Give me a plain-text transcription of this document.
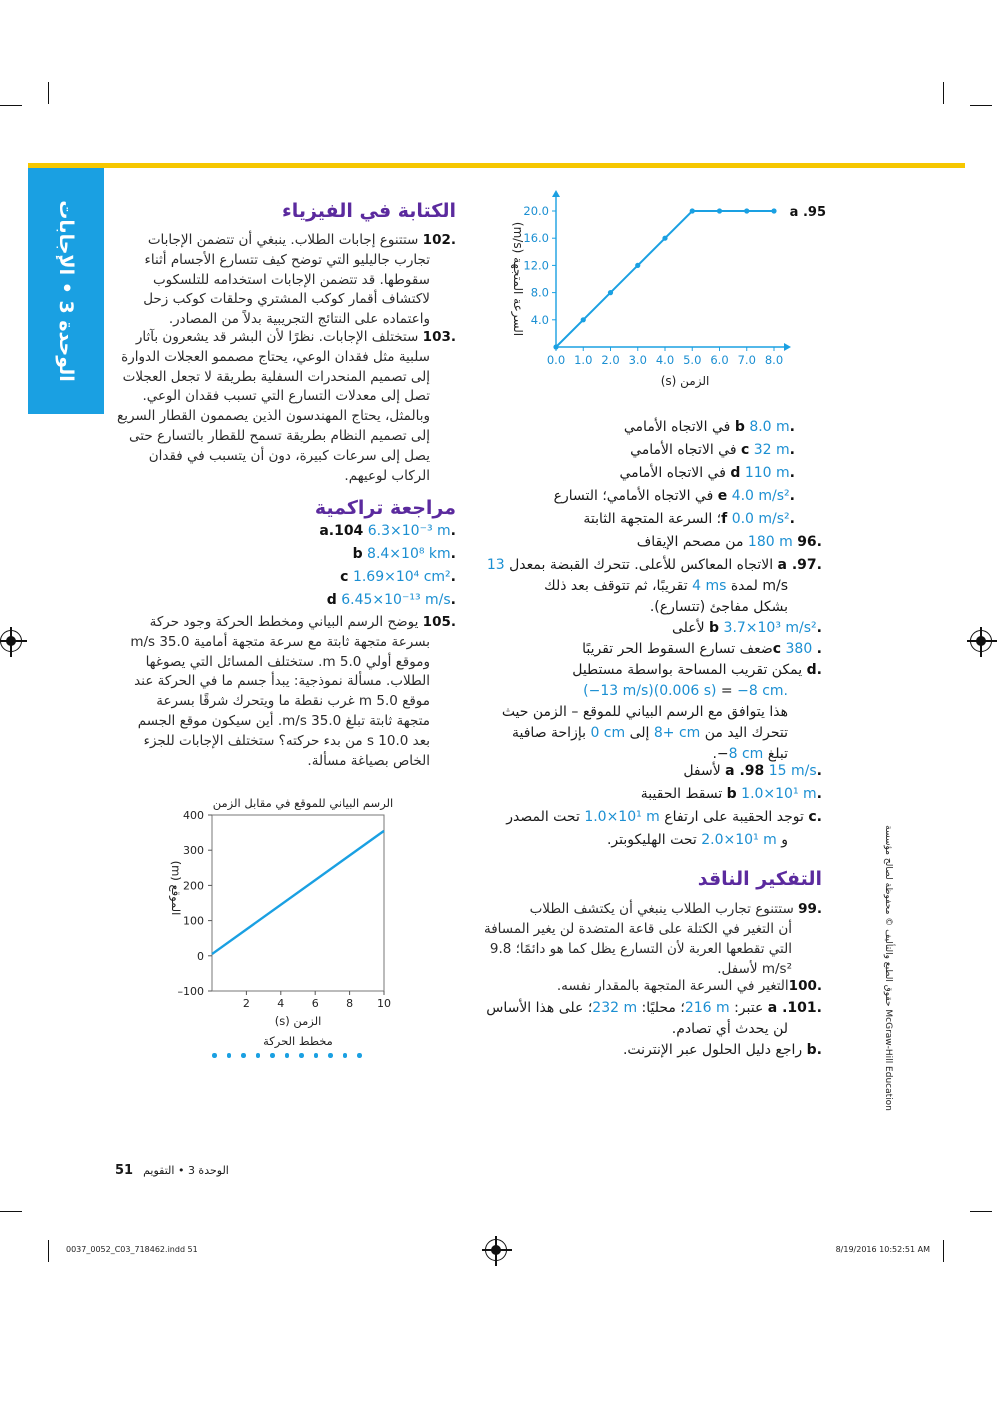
الوحدة 3 • الإجابات
الكتابة في الفيزياء
.102 ستتنوع إجابات الطلاب. ينبغي أن تتضمن الإجابات
تجارب جاليليو التي توضح كيف تتسارع الأجسام أثناء
سقوطها. قد تتضمن الإجابات استخدامه للتلسكوب
لاكتشاف أقمار كوكب المشتري وحلقات كوكب زحل
واعتماده على النتائج التجريبية بدلاً من المصادر.
.103 ستختلف الإجابات. نظرًا لأن البشر قد يشعرون بآثار
سلبية مثل فقدان الوعي، يحتاج مصممو العجلات الدوارة
إلى تصميم المنحدرات السفلية بطريقة لا تجعل العجلات
تصل إلى معدلات التسارع التي تسبب فقدان الوعي.
وبالمثل، يحتاج المهندسون الذين يصممون القطار السريع
إلى تصميم النظام بطريقة تسمح للقطار بالتسارع حتى
يصل إلى سرعات كبيرة، دون أن يتسبب في فقدان
الركاب لوعيهم.
مراجعة تراكمية
.a.104 6.3×10⁻³ m
.b 8.4×10⁸ km
.c 1.69×10⁴ cm²
.d 6.45×10⁻¹³ m/s
.105 يوضح الرسم البياني ومخطط الحركة وجود حركة
بسرعة متجهة ثابتة مع سرعة متجهة أمامية 35.0 m/s
وموقع أولي 5.0 m. ستختلف المسائل التي يصوغها
الطلاب. مسألة نموذجية: يبدأ جسم ما في الحركة عند
موقع 5.0 m غرب نقطة ما ويتحرك شرقًا بسرعة
متجهة ثابتة تبلغ 35.0 m/s. أين سيكون موقع الجسم
بعد 10.0 s من بدء حركته؟ ستختلف الإجابات للجزء
الخاص بصياغة مسألة.
الرسم البياني للموقع في مقابل الزمن
–100
0
100
200
300
400
2 4 6 8 10
الزمن (s)
الموقع (m)
مخطط الحركة
0.0 1.0 2.0 3.0 4.0 5.0 6.0 7.0 8.0
4.0
8.0
12.0
16.0
20.0
الزمن (s)
السرعة المتجهة (m/s)
a .95
.b 8.0 m في الاتجاه الأمامي
.c 32 m في الاتجاه الأمامي
.d 110 m في الاتجاه الأمامي
.e 4.0 m/s² في الاتجاه الأمامي؛ التسارع
.f 0.0 m/s²؛ السرعة المتجهة الثابتة
.96 180 m من مصحم الإيقاف
.a .97 الاتجاه المعاكس للأعلى. تتحرك القبضة بمعدل 13
m/s لمدة 4 ms تقريبًا، ثم تتوقف بعد ذلك
بشكل مفاجئ (تتسارع).
.b 3.7×10³ m/s² لأعلى
.c 380 ضعف تسارع السقوط الحر تقريبًا
.d يمكن تقريب المساحة بواسطة مستطيل
(−13 m/s)(0.006 s) = −8 cm.
هذا يتوافق مع الرسم البياني للموقع – الزمن حيث
تتحرك اليد من 8+ cm إلى 0 cm بإزاحة صافية
تبلغ 8 cm−.
.a .98 15 m/s لأسفل
.b 1.0×10¹ m تسقط الحقيبة
.c توجد الحقيبة على ارتفاع 1.0×10¹ m تحت المصدر
و 2.0×10¹ m تحت الهليكوبتر.
التفكير الناقد
.99 ستتنوع تجارب الطلاب ينبغي أن يكتشف الطلاب
أن التغير في الكتلة على قاعة المتضدة لن يغير المسافة
التي تقطعها العربة لأن التسارع يظل كما هو دائمًا؛ 9.8
m/s² لأسفل.
.100التغير في السرعة المتجهة بالمقدار نفسه.
.a .101 عتبر: 216 m؛ محليًا: 232 m؛ على هذا الأساس
لن يحدث أي تصادم.
.b راجع دليل الحلول عبر الإنترنت.
حقوق الطبع والتأليف © محفوظة لصالح مؤسسة McGraw-Hill Education
51 الوحدة 3 • التقويم
0037_0052_C03_718462.indd 51	8/19/2016 10:52:51 AM
